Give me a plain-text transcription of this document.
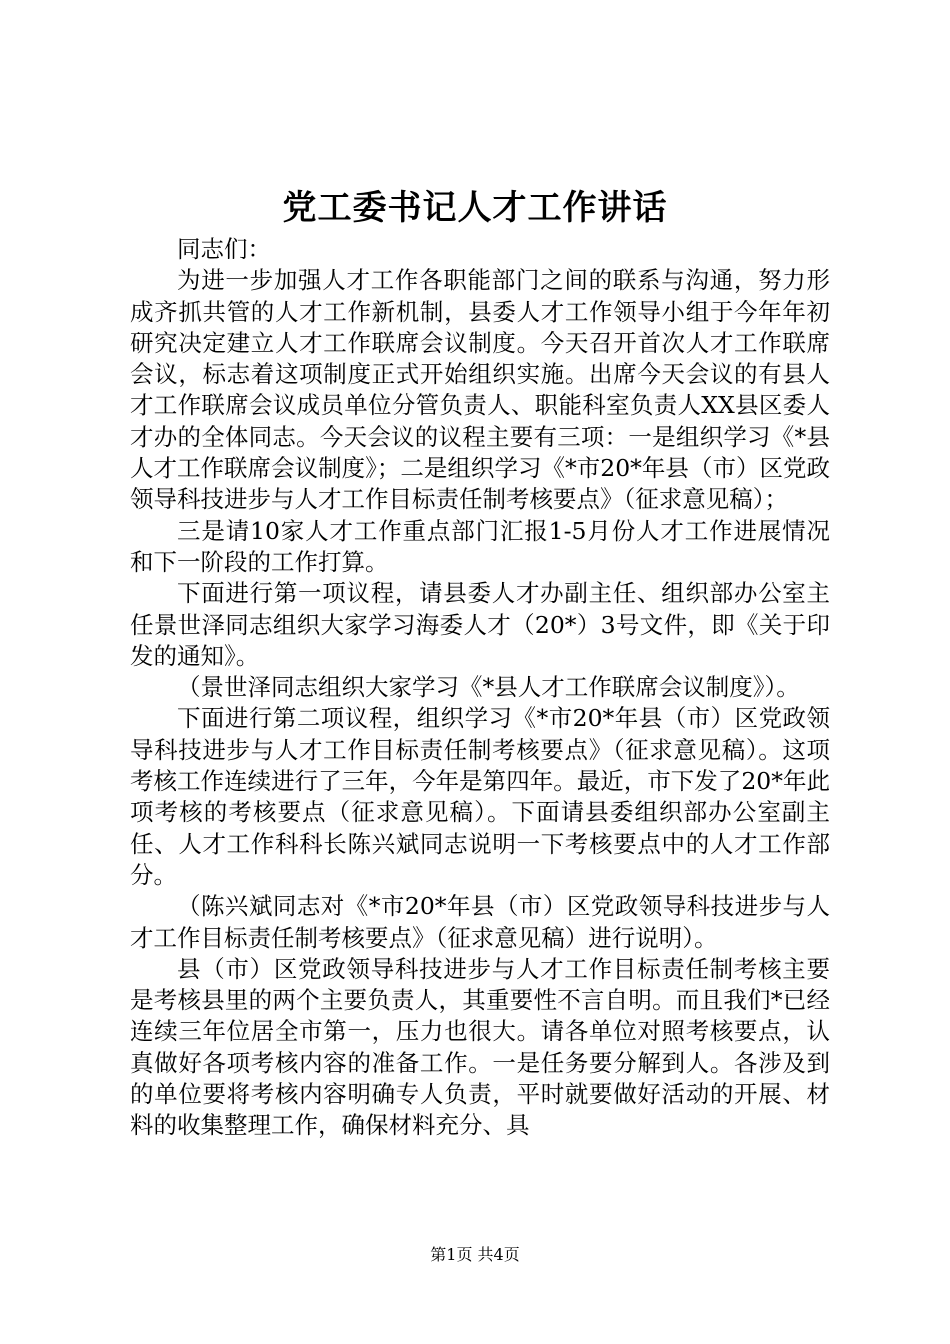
党工委书记人才工作讲话

同志们：

为进一步加强人才工作各职能部门之间的联系与沟通，努力形成齐抓共管的人才工作新机制，县委人才工作领导小组于今年年初研究决定建立人才工作联席会议制度。今天召开首次人才工作联席会议，标志着这项制度正式开始组织实施。出席今天会议的有县人才工作联席会议成员单位分管负责人、职能科室负责人XX县区委人才办的全体同志。今天会议的议程主要有三项：一是组织学习《*县人才工作联席会议制度》；二是组织学习《*市20*年县（市）区党政领导科技进步与人才工作目标责任制考核要点》（征求意见稿）；

三是请10家人才工作重点部门汇报1-5月份人才工作进展情况和下一阶段的工作打算。

下面进行第一项议程，请县委人才办副主任、组织部办公室主任景世泽同志组织大家学习海委人才（20*）3号文件，即《关于印发的通知》。

（景世泽同志组织大家学习《*县人才工作联席会议制度》）。

下面进行第二项议程，组织学习《*市20*年县（市）区党政领导科技进步与人才工作目标责任制考核要点》（征求意见稿）。这项考核工作连续进行了三年，今年是第四年。最近，市下发了20*年此项考核的考核要点（征求意见稿）。下面请县委组织部办公室副主任、人才工作科科长陈兴斌同志说明一下考核要点中的人才工作部分。

（陈兴斌同志对《*市20*年县（市）区党政领导科技进步与人才工作目标责任制考核要点》（征求意见稿）进行说明）。

县（市）区党政领导科技进步与人才工作目标责任制考核主要是考核县里的两个主要负责人，其重要性不言自明。而且我们*已经连续三年位居全市第一，压力也很大。请各单位对照考核要点，认真做好各项考核内容的准备工作。一是任务要分解到人。各涉及到的单位要将考核内容明确专人负责，平时就要做好活动的开展、材料的收集整理工作，确保材料充分、具

第1页 共4页
